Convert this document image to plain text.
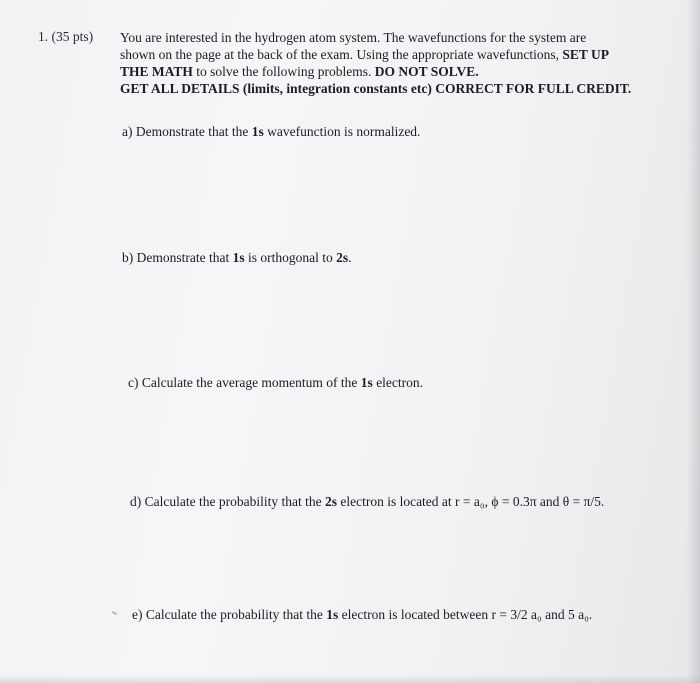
1. (35 pts) You are interested in the hydrogen atom system. The wavefunctions for the system are
shown on the page at the back of the exam. Using the appropriate wavefunctions, SET UP
THE MATH to solve the following problems. DO NOT SOLVE.
GET ALL DETAILS (limits, integration constants etc) CORRECT FOR FULL CREDIT.
a) Demonstrate that the 1s wavefunction is normalized.
b) Demonstrate that 1s is orthogonal to 2s.
c) Calculate the average momentum of the 1s electron.
d) Calculate the probability that the 2s electron is located at r = a₀, ϕ = 0.3π and θ = π/5.
e) Calculate the probability that the 1s electron is located between r = 3/2 a₀ and 5 a₀.
